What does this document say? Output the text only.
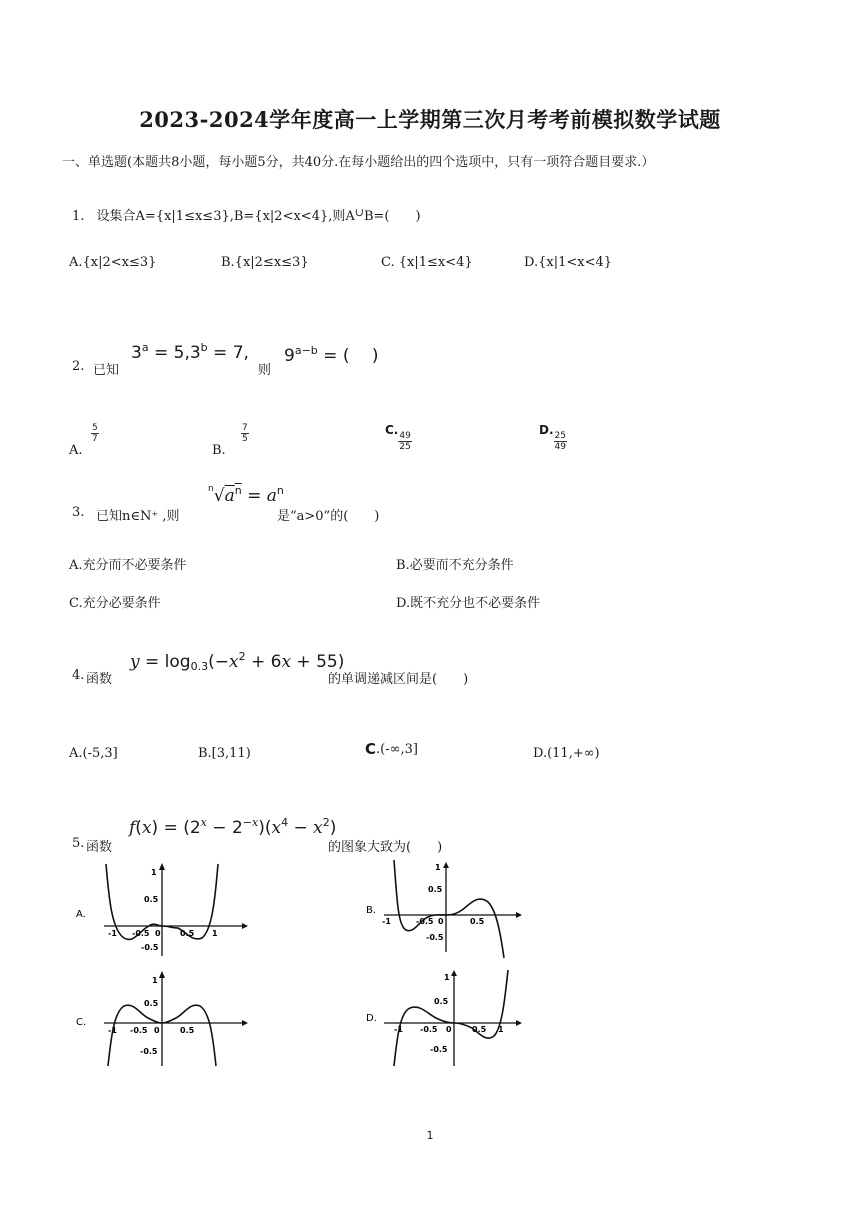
2023-2024学年度高一上学期第三次月考考前模拟数学试题
一、单选题(本题共8小题，每小题5分，共40分.在每小题给出的四个选项中，只有一项符合题目要求.）
1. 设集合A={x|1≤x≤3},B={x|2<x<4},则A∪B=(　　)
A.{x|2<x≤3}	B.{x|2≤x≤3}	C. {x|1≤x<4}	D.{x|1<x<4}
2. 已知
$3^a = 5,3^b = 7$,
则
$9^{a-b}$ = (　 )
A.
$\frac{5}{7}$
B.
$\frac{7}{5}$	C.
$\frac{49}{25}$
D.
$\frac{25}{49}$
3. 已知n∈N⁺ ,则
$^n√a^n = a^n$
是“a>0”的(　　)
A.充分而不必要条件	B.必要而不充分条件
C.充分必要条件	D.既不充分也不必要条件
4. 函数
$y = \log 0.3(-x^2 + 6x + 55)$
的单调递减区间是(　　)
A.(-5,3]	B.[3,11)	C.(-∞,3]	D.(11,+∞)
5. 函数
$f(x) = (2^x - 2^{-x})(x^4 - x^2)$
的图象大致为(　　)
A.
1
0.5
-1 -0.5 0 0.5 1
-0.5
B.
1
0.5
-1	-0.5 0	0.5
-0.5
C.
1
0.5
-1 -0.5 0	0.5
-0.5
D.
1
0.5
-1 -0.5 0	0.5 1
-0.5
1
